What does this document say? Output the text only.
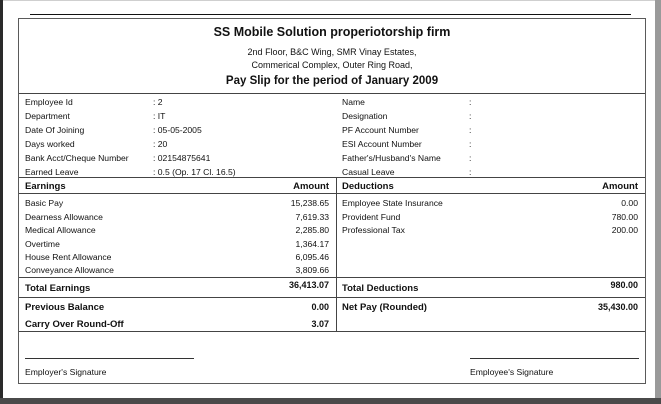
SS Mobile Solution properiotorship firm
2nd Floor, B&C Wing, SMR Vinay Estates,
Commerical Complex, Outer Ring Road,
Pay Slip for the period of January 2009
Employee Id	: 2
Department	: IT
Date Of Joining	: 05-05-2005
Days worked	: 20
Bank Acct/Cheque Number	: 02154875641
Earned Leave	: 0.5 (Op. 17 Cl. 16.5)
Name	:
Designation	:
PF Account Number	:
ESI Account Number	:
Father's/Husband's Name	:
Casual Leave	:
Earnings	Amount Deductions	Amount
Basic Pay	15,238.65
Dearness Allowance	7,619.33
Medical Allowance	2,285.80
Overtime	1,364.17
House Rent Allowance	6,095.46
Conveyance Allowance	3,809.66
Employee State Insurance	0.00
Provident Fund	780.00
Professional Tax	200.00
Total Earnings	36,413.07 Total Deductions	980.00
Previous Balance	0.00 Net Pay (Rounded)	35,430.00
Carry Over Round-Off	3.07
Employer's Signature	Employee's Signature
